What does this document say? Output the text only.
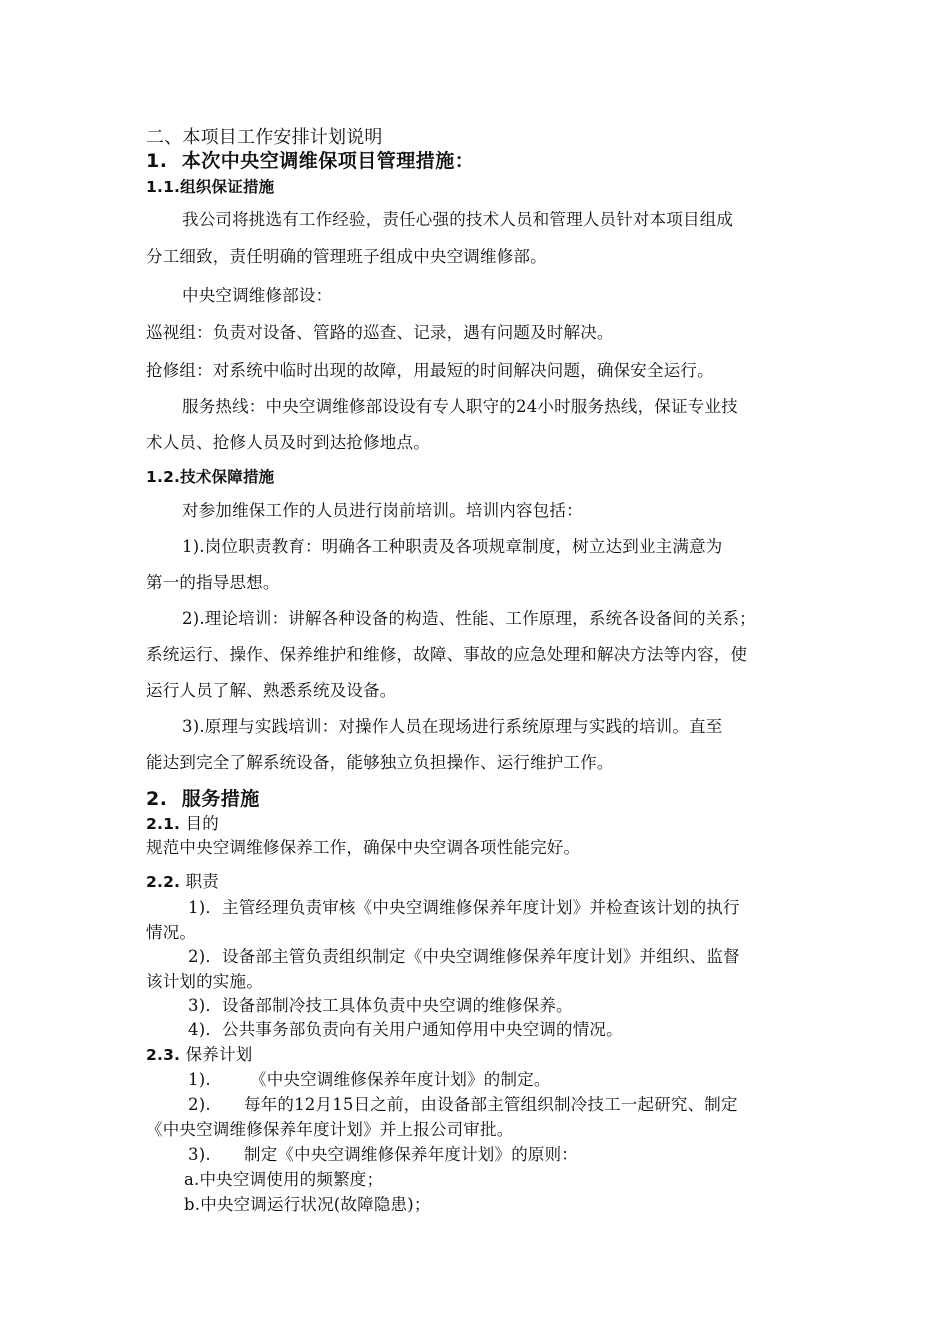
二、本项目工作安排计划说明
1. 本次中央空调维保项目管理措施：
1.1.组织保证措施
我公司将挑选有工作经验，责任心强的技术人员和管理人员针对本项目组成
分工细致，责任明确的管理班子组成中央空调维修部。
中央空调维修部设：
巡视组：负责对设备、管路的巡查、记录，遇有问题及时解决。
抢修组：对系统中临时出现的故障，用最短的时间解决问题，确保安全运行。
服务热线：中央空调维修部设设有专人职守的24小时服务热线，保证专业技
术人员、抢修人员及时到达抢修地点。
1.2.技术保障措施
对参加维保工作的人员进行岗前培训。培训内容包括：
1).岗位职责教育：明确各工种职责及各项规章制度，树立达到业主满意为
第一的指导思想。
2).理论培训：讲解各种设备的构造、性能、工作原理，系统各设备间的关系；
系统运行、操作、保养维护和维修，故障、事故的应急处理和解决方法等内容，使
运行人员了解、熟悉系统及设备。
3).原理与实践培训：对操作人员在现场进行系统原理与实践的培训。直至
能达到完全了解系统设备，能够独立负担操作、运行维护工作。
2. 服务措施
2.1. 目的
规范中央空调维修保养工作，确保中央空调各项性能完好。
2.2. 职责
1)．主管经理负责审核《中央空调维修保养年度计划》并检查该计划的执行
情况。
2)．设备部主管负责组织制定《中央空调维修保养年度计划》并组织、监督
该计划的实施。
3)．设备部制冷技工具体负责中央空调的维修保养。
4)．公共事务部负责向有关用户通知停用中央空调的情况。
2.3. 保养计划
1). 《中央空调维修保养年度计划》的制定。
2). 每年的12月15日之前，由设备部主管组织制冷技工一起研究、制定
《中央空调维修保养年度计划》并上报公司审批。
3). 制定《中央空调维修保养年度计划》的原则：
a.中央空调使用的频繁度；
b.中央空调运行状况(故障隐患)；
